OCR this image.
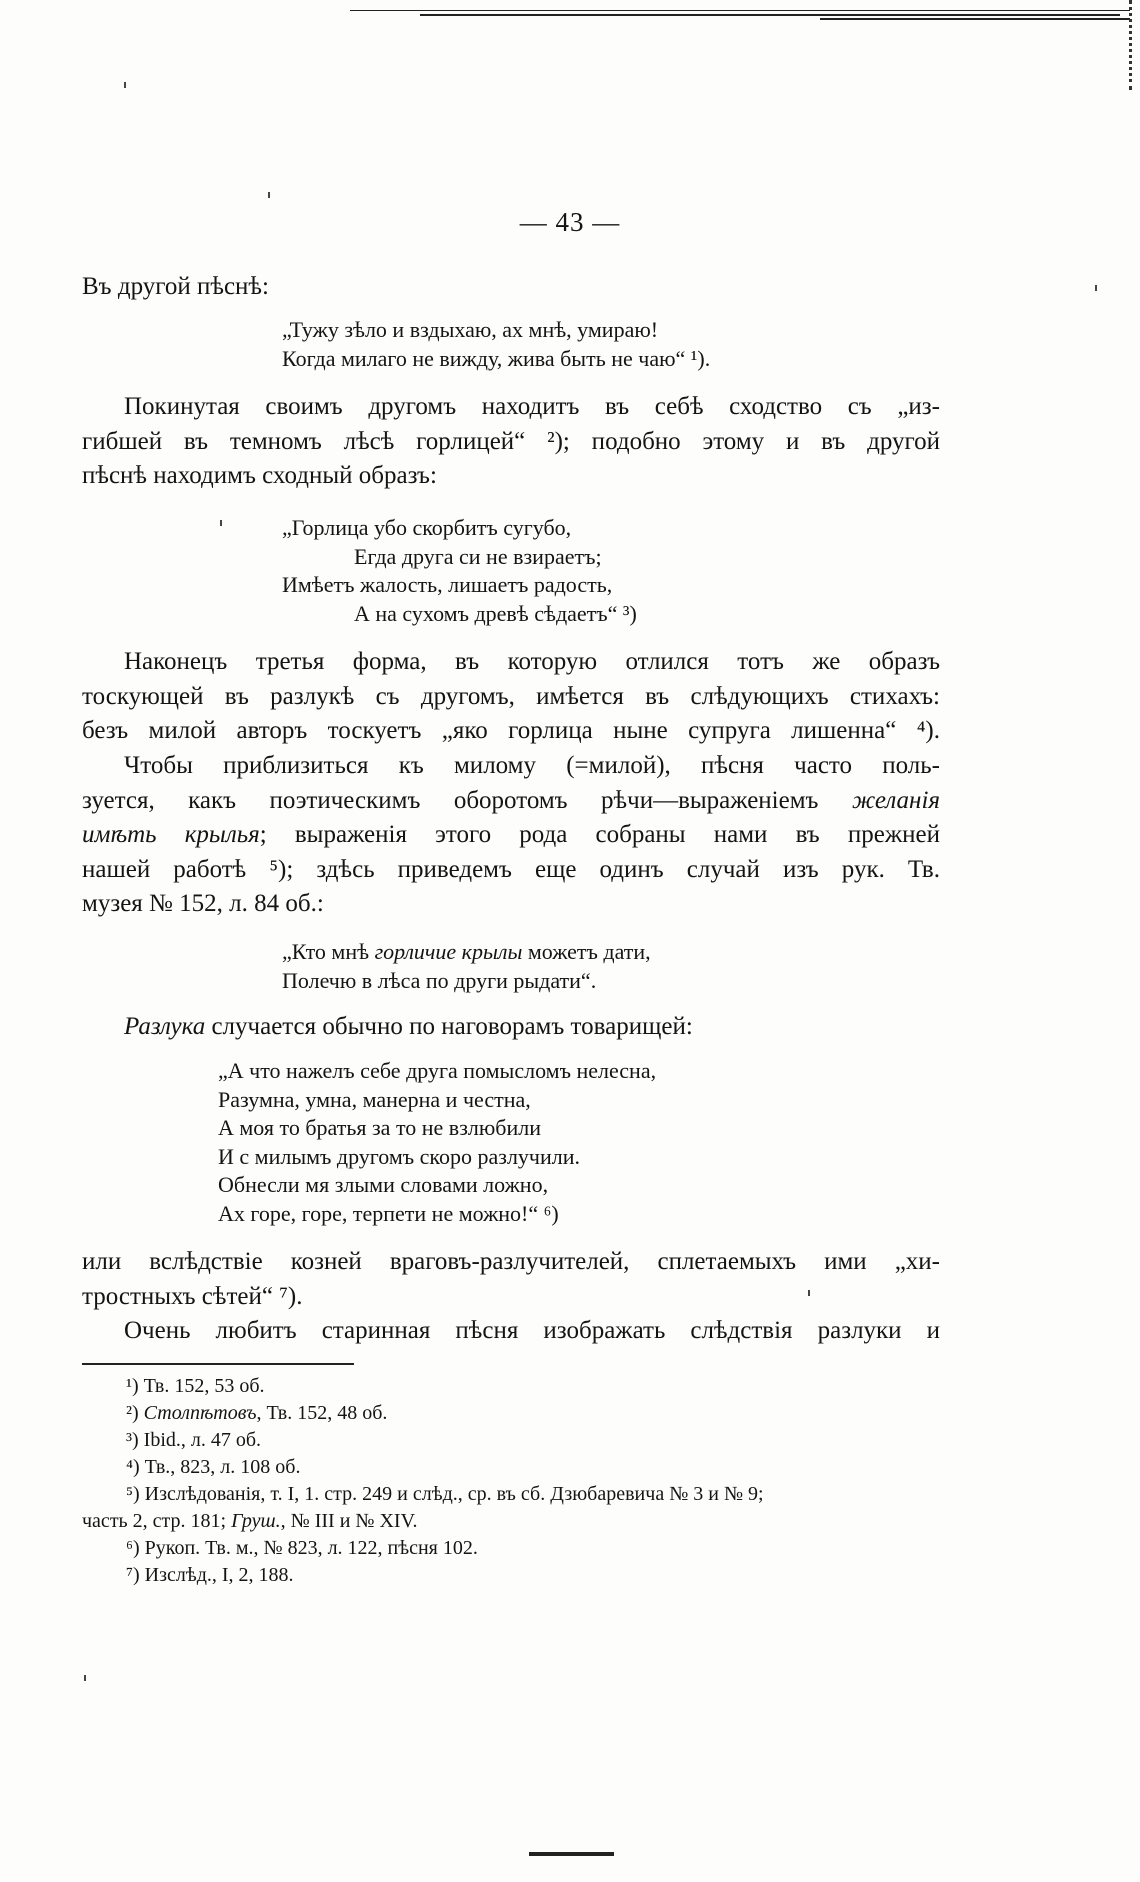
— 43 —
Въ другой пѣснѣ:
„Тужу зѣло и вздыхаю, ах мнѣ, умираю!
Когда милаго не вижду, жива быть не чаю“ ¹).
Покинутая своимъ другомъ находитъ въ себѣ сходство съ „из-
гибшей въ темномъ лѣсѣ горлицей“ ²); подобно этому и въ другой
пѣснѣ находимъ сходный образъ:
„Горлица убо скорбитъ сугубо,
Егда друга си не взираетъ;
Имѣетъ жалость, лишаетъ радость,
А на сухомъ древѣ сѣдаетъ“ ³)
Наконецъ третья форма, въ которую отлился тотъ же образъ
тоскующей въ разлукѣ съ другомъ, имѣется въ слѣдующихъ стихахъ:
безъ милой авторъ тоскуетъ „яко горлица ныне супруга лишенна“ ⁴).
Чтобы приблизиться къ милому (=милой), пѣсня часто поль-
зуется, какъ поэтическимъ оборотомъ рѣчи—выраженіемъ желанія
имѣть крылья; выраженія этого рода собраны нами въ прежней
нашей работѣ ⁵); здѣсь приведемъ еще одинъ случай изъ рук. Тв.
музея № 152, л. 84 об.:
„Кто мнѣ горличие крылы можетъ дати,
Полечю в лѣса по други рыдати“.
Разлука случается обычно по наговорамъ товарищей:
„А что нажелъ себе друга помысломъ нелесна,
Разумна, умна, манерна и честна,
А моя то братья за то не взлюбили
И с милымъ другомъ скоро разлучили.
Обнесли мя злыми словами ложно,
Ах горе, горе, терпети не можно!“ ⁶)
или вслѣдствіе козней враговъ-разлучителей, сплетаемыхъ ими „хи-
тростныхъ сѣтей“ ⁷).
Очень любитъ старинная пѣсня изображать слѣдствія разлуки и
¹) Тв. 152, 53 об.
²) Столпѣтовъ, Тв. 152, 48 об.
³) Ibid., л. 47 об.
⁴) Тв., 823, л. 108 об.
⁵) Изслѣдованія, т. I, 1. стр. 249 и слѣд., ср. въ сб. Дзюбаревича № 3 и № 9;
часть 2, стр. 181; Груш., № III и № XIV.
⁶) Рукоп. Тв. м., № 823, л. 122, пѣсня 102.
⁷) Изслѣд., I, 2, 188.
